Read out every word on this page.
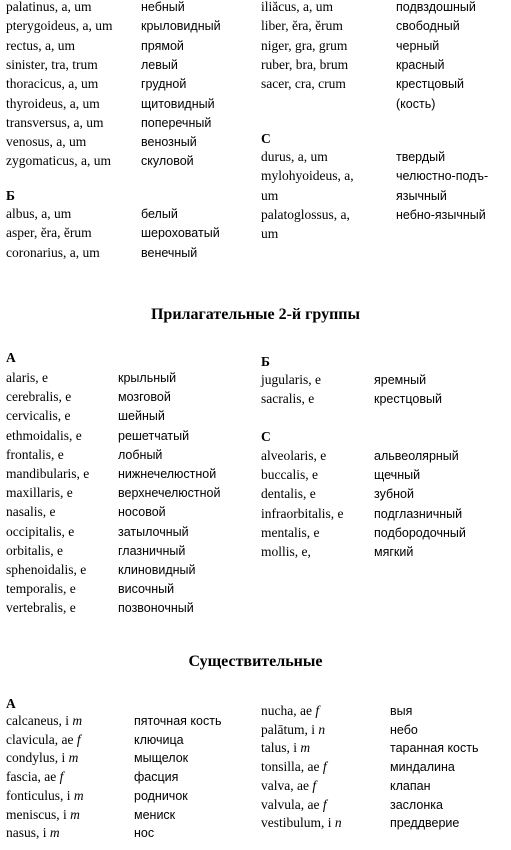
palatinus, a, um	небный
pterygoideus, a, um крыловидный
rectus, a, um	прямой
sinister, tra, trum	левый
thoracicus, a, um	грудной
thyroideus, a, um	щитовидный
transversus, a, um	поперечный
venosus, a, um	венозный
zygomaticus, a, um скуловой
Б
albus, a, um	белый
asper, ĕra, ĕrum	шероховатый
coronarius, a, um	венечный
iliăcus, a, um	подвздошный
liber, ĕra, ĕrum	свободный
niger, gra, grum	черный
ruber, bra, brum	красный
sacer, cra, crum	крестцовый
(кость)
С
durus, a, um	твердый
mylohyoideus, a,	челюстно-подъ-
um	язычный
palatoglossus, a,	небно-язычный
um
Прилагательные 2-й группы
А
alaris, e	крыльный
cerebralis, e	мозговой
cervicalis, e	шейный
ethmoidalis, e	решетчатый
frontalis, e	лобный
mandibularis, e нижнечелюстной
maxillaris, e	верхнечелюстной
nasalis, e	носовой
occipitalis, e	затылочный
orbitalis, e	глазничный
sphenoidalis, e	клиновидный
temporalis, e	височный
vertebralis, e	позвоночный
Б
jugularis, e	яремный
sacralis, e	крестцовый
С
alveolaris, e	альвеолярный
buccalis, e	щечный
dentalis, e	зубной
infraorbitalis, e подглазничный
mentalis, e	подбородочный
mollis, e,	мягкий
Существительные
А
calcaneus, i m	пяточная кость
clavicula, ae f	ключица
condylus, i m	мыщелок
fascia, ae f	фасция
fonticulus, i m	родничок
meniscus, i m	мениск
nasus, i m	нос
nucha, ae f	выя
palātum, i n	небо
talus, i m	таранная кость
tonsilla, ae f	миндалина
valva, ae f	клапан
valvula, ae f	заслонка
vestibulum, i n	преддверие
